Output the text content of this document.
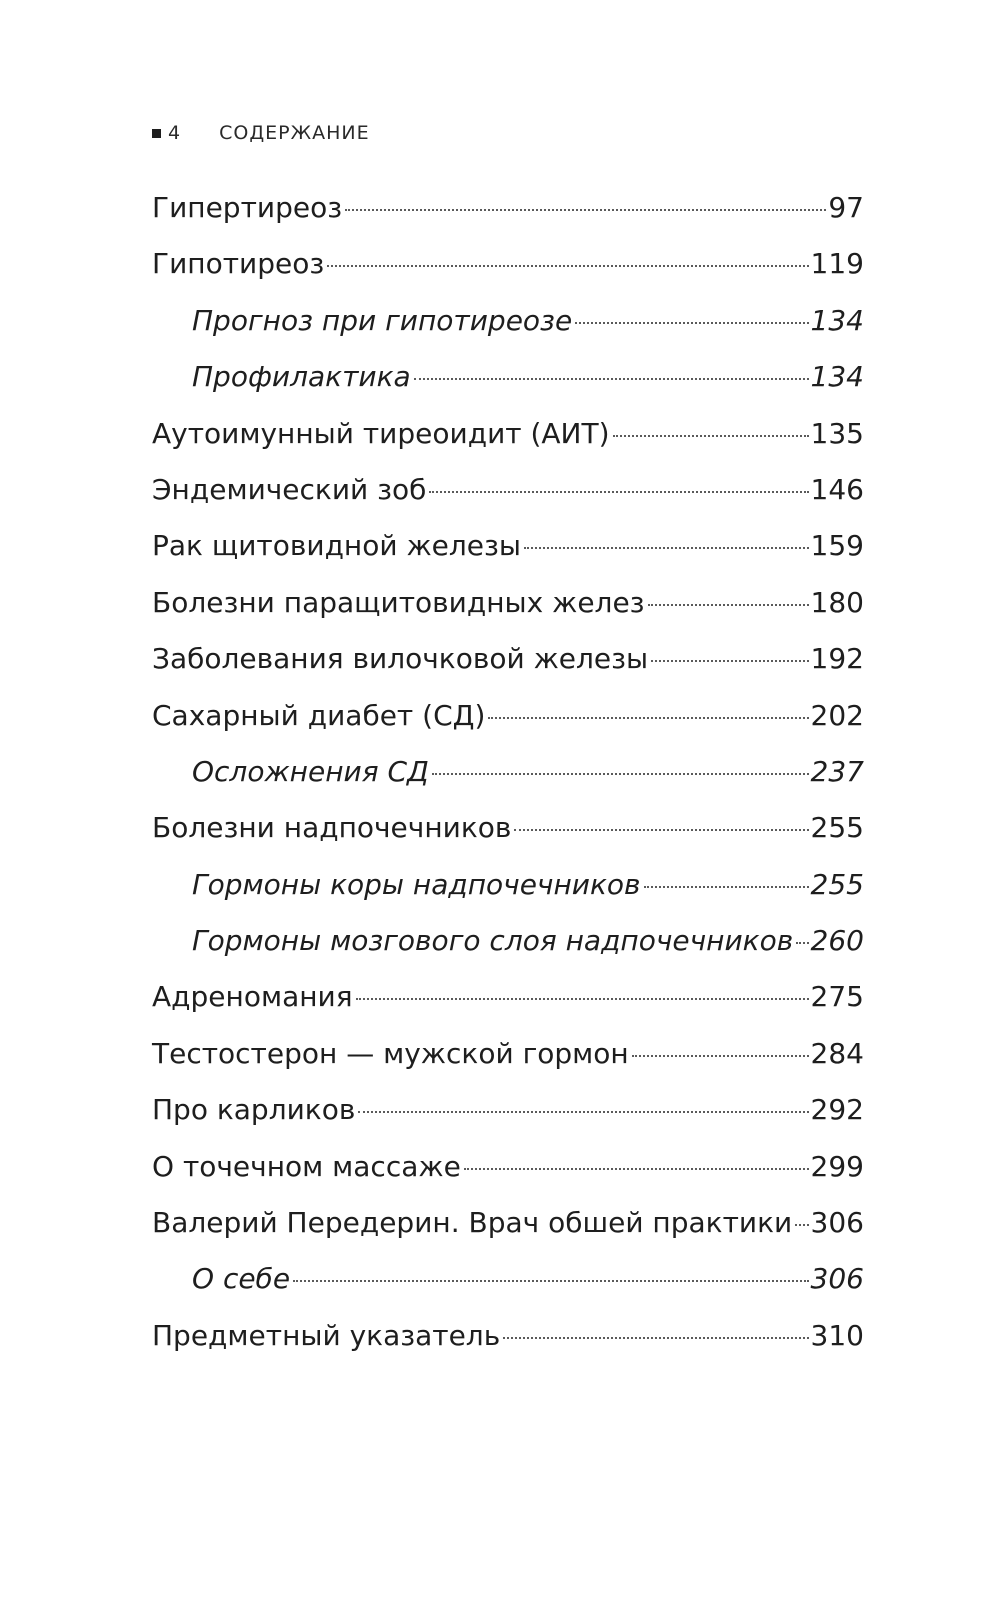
4 СОДЕРЖАНИЕ
Гипертиреоз	97
Гипотиреоз	119
Прогноз при гипотиреозе	134
Профилактика	134
Аутоимунный тиреоидит (АИТ)	135
Эндемический зоб	146
Рак щитовидной железы	159
Болезни паращитовидных желез	180
Заболевания вилочковой железы	192
Сахарный диабет (СД)	202
Осложнения СД	237
Болезни надпочечников	255
Гормоны коры надпочечников	255
Гормоны мозгового слоя надпочечников 260
Адреномания	275
Тестостерон — мужской гормон	284
Про карликов	292
О точечном массаже	299
Валерий Передерин. Врач обшей практики 306
О себе	306
Предметный указатель	310
